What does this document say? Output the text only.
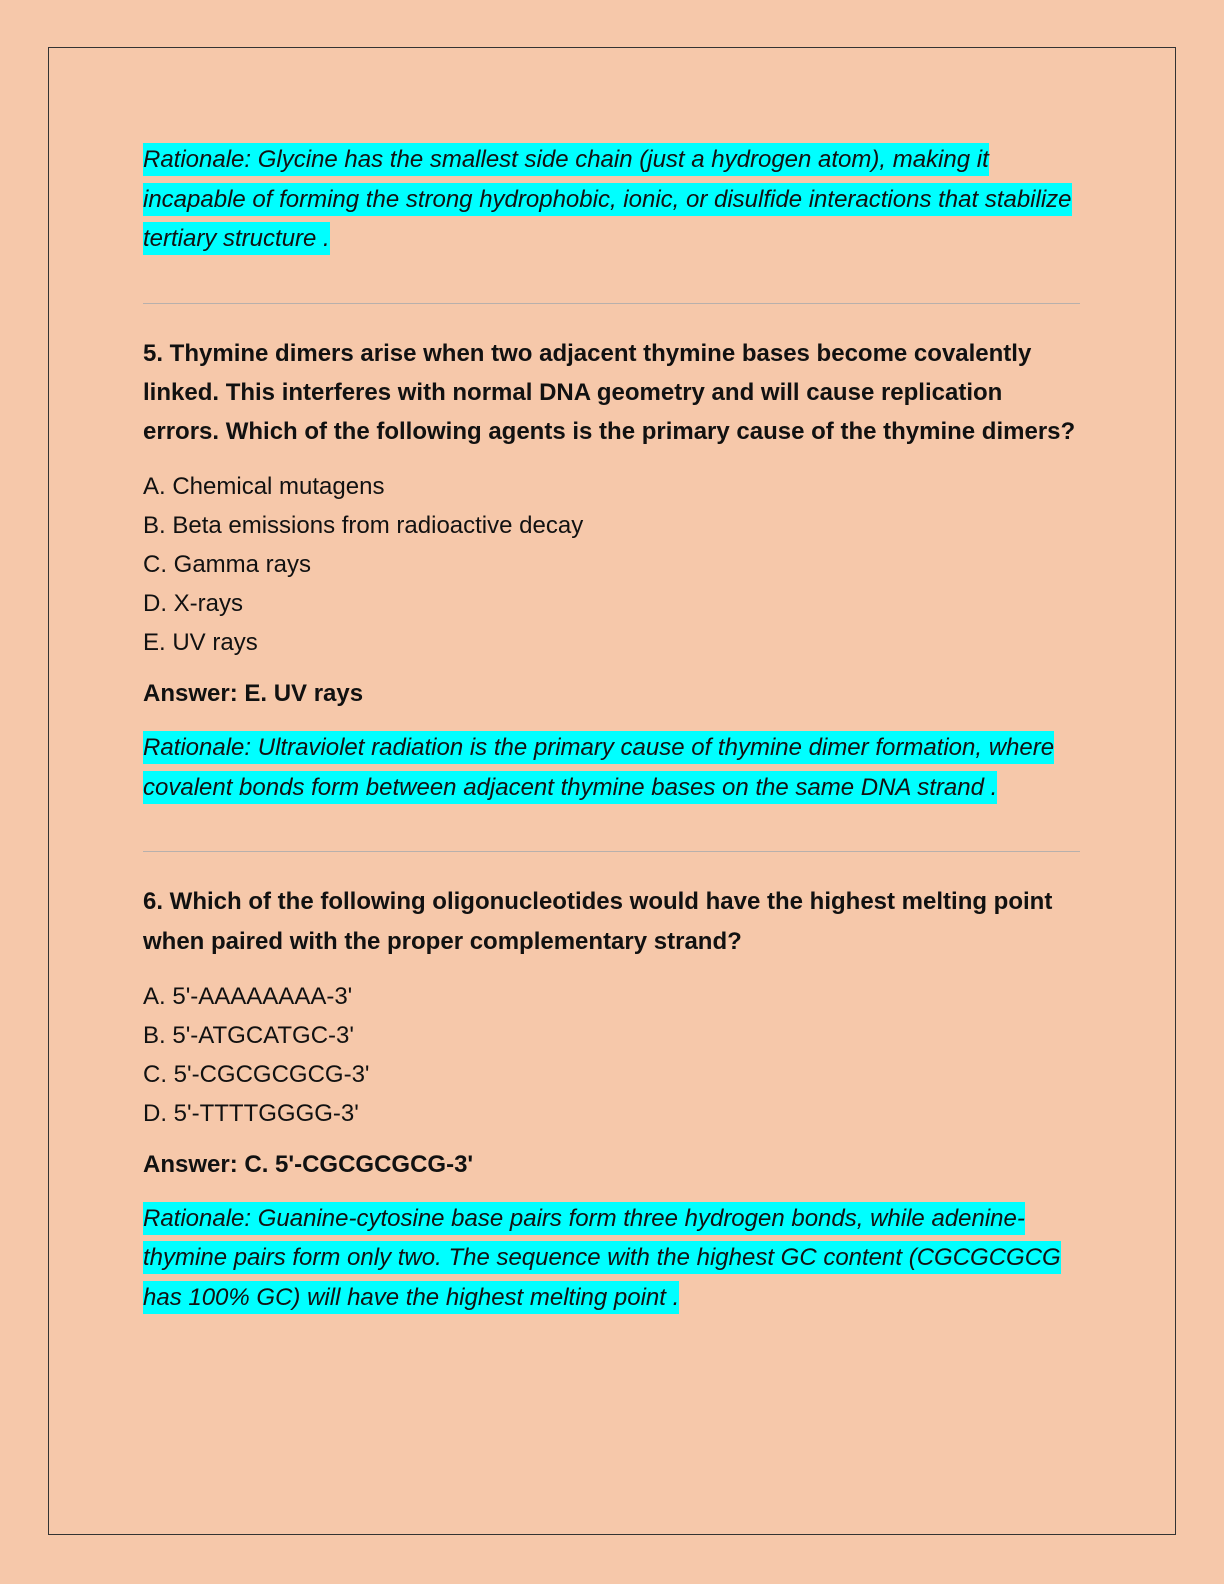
Rationale: Glycine has the smallest side chain (just a hydrogen atom), making it incapable of forming the strong hydrophobic, ionic, or disulfide interactions that stabilize tertiary structure .

5. Thymine dimers arise when two adjacent thymine bases become covalently linked. This interferes with normal DNA geometry and will cause replication errors. Which of the following agents is the primary cause of the thymine dimers?

A. Chemical mutagens
B. Beta emissions from radioactive decay
C. Gamma rays
D. X-rays
E. UV rays

Answer: E. UV rays

Rationale: Ultraviolet radiation is the primary cause of thymine dimer formation, where covalent bonds form between adjacent thymine bases on the same DNA strand .

6. Which of the following oligonucleotides would have the highest melting point when paired with the proper complementary strand?

A. 5'-AAAAAAAA-3'
B. 5'-ATGCATGC-3'
C. 5'-CGCGCGCG-3'
D. 5'-TTTTGGGG-3'

Answer: C. 5'-CGCGCGCG-3'

Rationale: Guanine-cytosine base pairs form three hydrogen bonds, while adenine-thymine pairs form only two. The sequence with the highest GC content (CGCGCGCG has 100% GC) will have the highest melting point .
